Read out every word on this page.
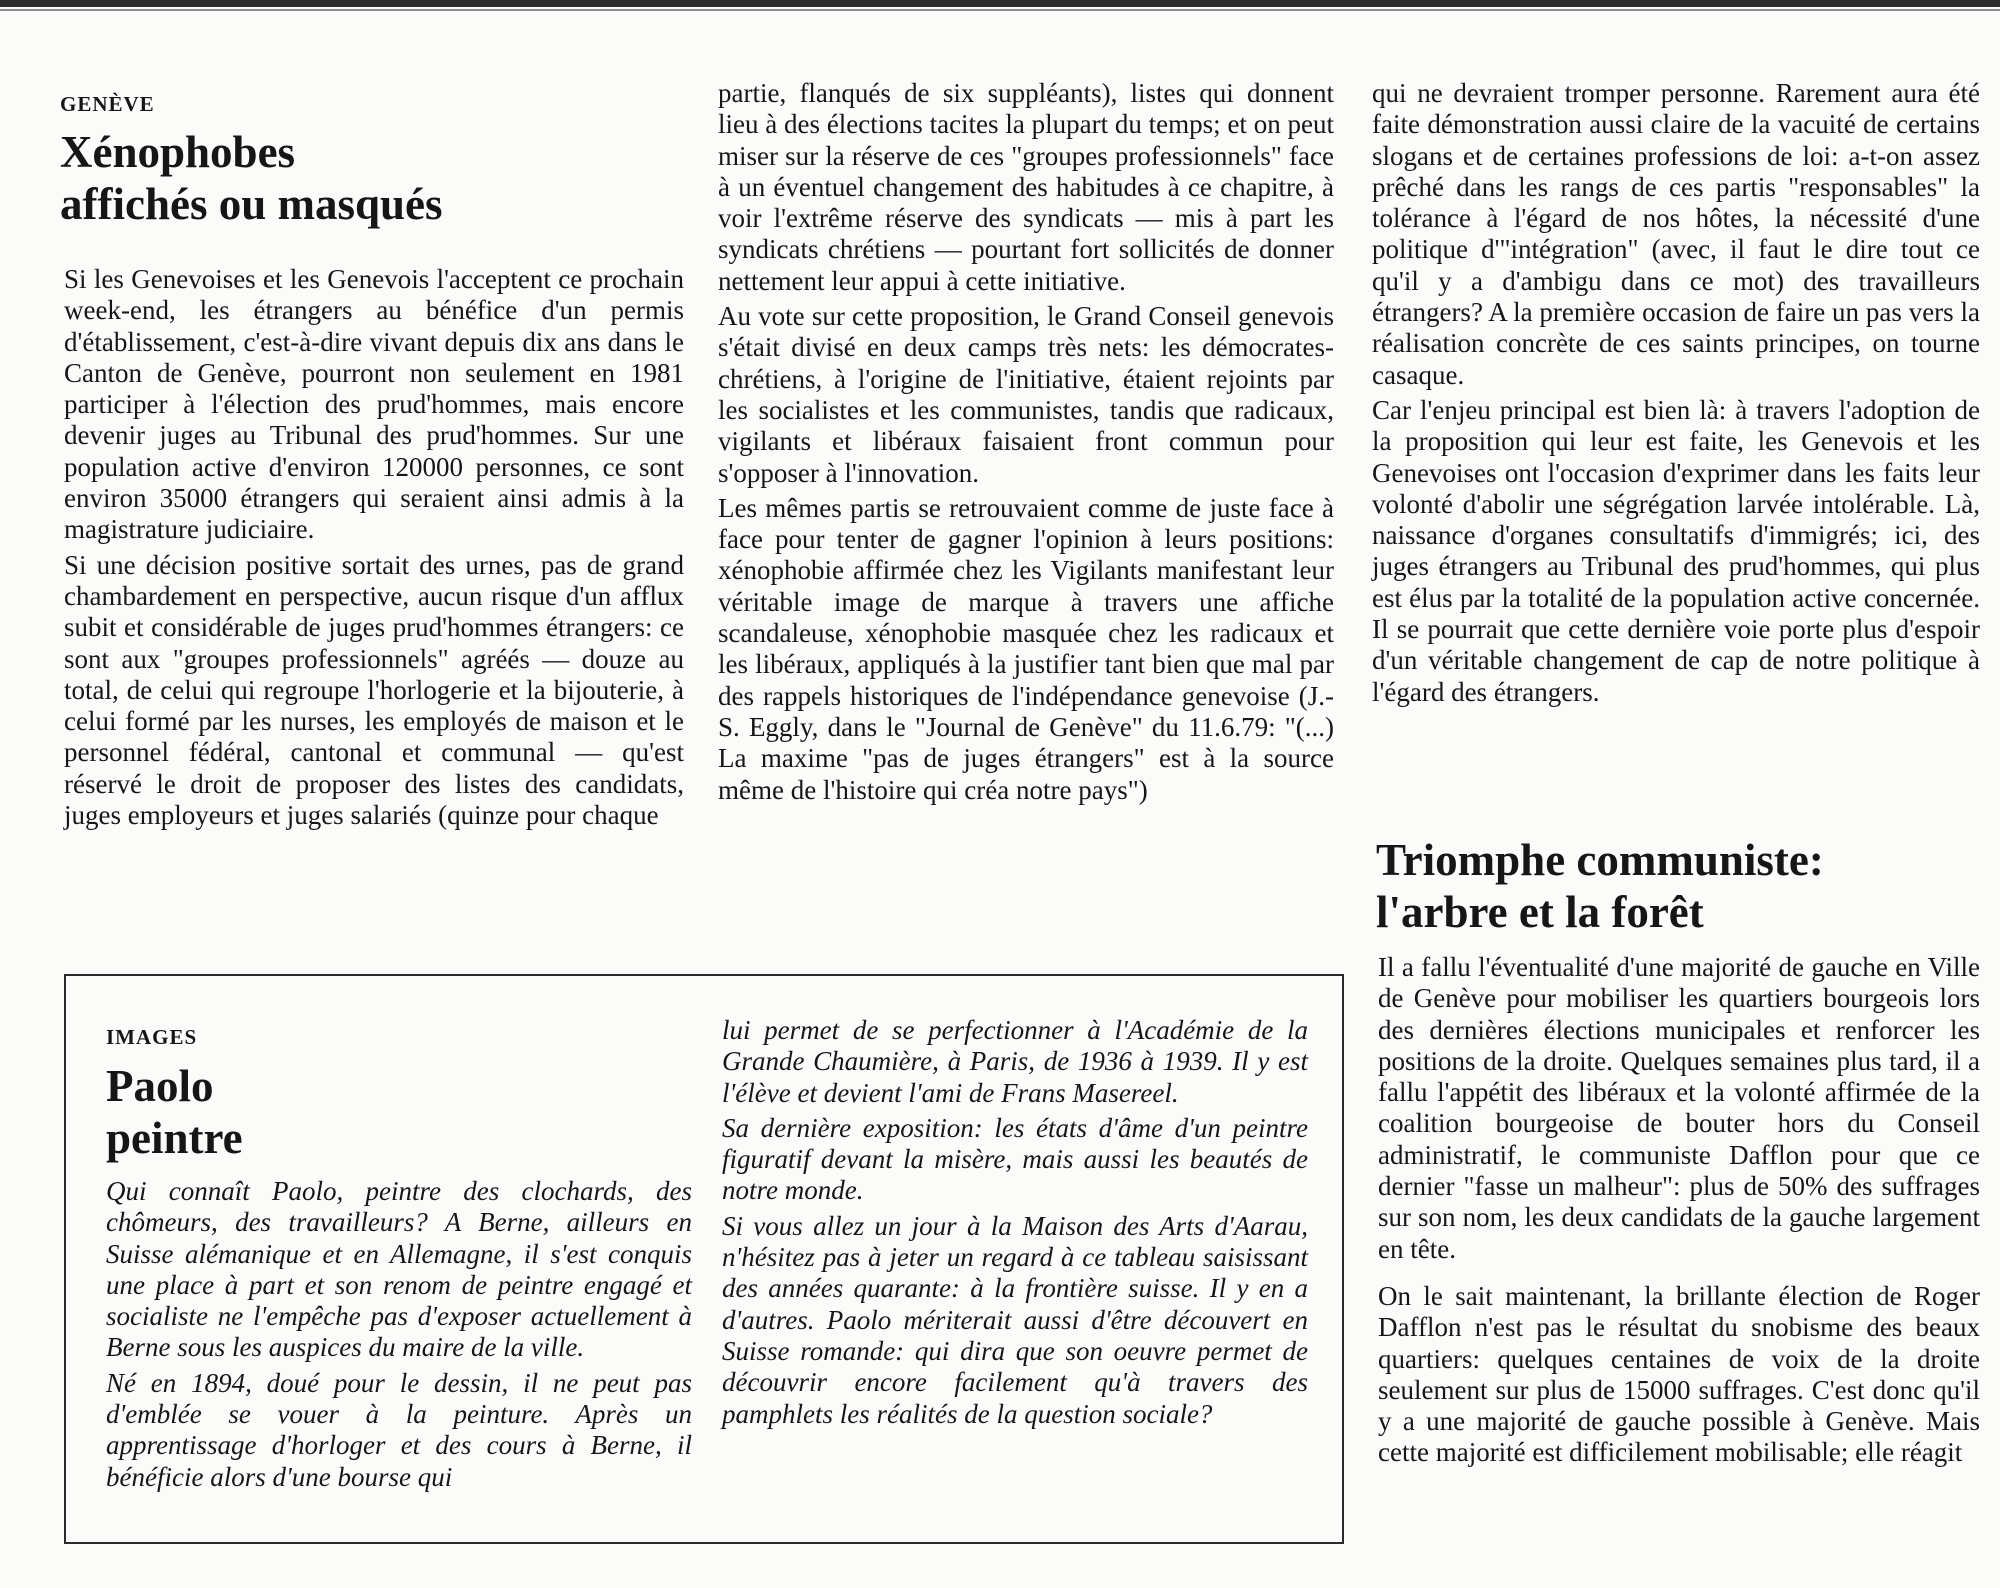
GENÈVE
Xénophobes
affichés ou masqués

Si les Genevoises et les Genevois l'acceptent ce prochain week-end, les étrangers au bénéfice d'un permis d'établissement, c'est-à-dire vivant depuis dix ans dans le Canton de Genève, pourront non seulement en 1981 participer à l'élection des prud'hommes, mais encore devenir juges au Tribunal des prud'hommes. Sur une population active d'environ 120000 personnes, ce sont environ 35000 étrangers qui seraient ainsi admis à la magistrature judiciaire.

Si une décision positive sortait des urnes, pas de grand chambardement en perspective, aucun risque d'un afflux subit et considérable de juges prud'hommes étrangers: ce sont aux "groupes professionnels" agréés — douze au total, de celui qui regroupe l'horlogerie et la bijouterie, à celui formé par les nurses, les employés de maison et le personnel fédéral, cantonal et communal — qu'est réservé le droit de proposer des listes des candidats, juges employeurs et juges salariés (quinze pour chaque

partie, flanqués de six suppléants), listes qui donnent lieu à des élections tacites la plupart du temps; et on peut miser sur la réserve de ces "groupes professionnels" face à un éventuel changement des habitudes à ce chapitre, à voir l'extrême réserve des syndicats — mis à part les syndicats chrétiens — pourtant fort sollicités de donner nettement leur appui à cette initiative.

Au vote sur cette proposition, le Grand Conseil genevois s'était divisé en deux camps très nets: les démocrates-chrétiens, à l'origine de l'initiative, étaient rejoints par les socialistes et les communistes, tandis que radicaux, vigilants et libéraux faisaient front commun pour s'opposer à l'innovation.

Les mêmes partis se retrouvaient comme de juste face à face pour tenter de gagner l'opinion à leurs positions: xénophobie affirmée chez les Vigilants manifestant leur véritable image de marque à travers une affiche scandaleuse, xénophobie masquée chez les radicaux et les libéraux, appliqués à la justifier tant bien que mal par des rappels historiques de l'indépendance genevoise (J.-S. Eggly, dans le "Journal de Genève" du 11.6.79: "(...) La maxime "pas de juges étrangers" est à la source même de l'histoire qui créa notre pays")

qui ne devraient tromper personne. Rarement aura été faite démonstration aussi claire de la vacuité de certains slogans et de certaines professions de loi: a-t-on assez prêché dans les rangs de ces partis "responsables" la tolérance à l'égard de nos hôtes, la nécessité d'une politique d'"intégration" (avec, il faut le dire tout ce qu'il y a d'ambigu dans ce mot) des travailleurs étrangers? A la première occasion de faire un pas vers la réalisation concrète de ces saints principes, on tourne casaque.

Car l'enjeu principal est bien là: à travers l'adoption de la proposition qui leur est faite, les Genevois et les Genevoises ont l'occasion d'exprimer dans les faits leur volonté d'abolir une ségrégation larvée intolérable. Là, naissance d'organes consultatifs d'immigrés; ici, des juges étrangers au Tribunal des prud'hommes, qui plus est élus par la totalité de la population active concernée. Il se pourrait que cette dernière voie porte plus d'espoir d'un véritable changement de cap de notre politique à l'égard des étrangers.

Triomphe communiste:
l'arbre et la forêt

Il a fallu l'éventualité d'une majorité de gauche en Ville de Genève pour mobiliser les quartiers bourgeois lors des dernières élections municipales et renforcer les positions de la droite. Quelques semaines plus tard, il a fallu l'appétit des libéraux et la volonté affirmée de la coalition bourgeoise de bouter hors du Conseil administratif, le communiste Dafflon pour que ce dernier "fasse un malheur": plus de 50% des suffrages sur son nom, les deux candidats de la gauche largement en tête.

On le sait maintenant, la brillante élection de Roger Dafflon n'est pas le résultat du snobisme des beaux quartiers: quelques centaines de voix de la droite seulement sur plus de 15000 suffrages. C'est donc qu'il y a une majorité de gauche possible à Genève. Mais cette majorité est difficilement mobilisable; elle réagit

IMAGES
Paolo
peintre

Qui connaît Paolo, peintre des clochards, des chômeurs, des travailleurs? A Berne, ailleurs en Suisse alémanique et en Allemagne, il s'est conquis une place à part et son renom de peintre engagé et socialiste ne l'empêche pas d'exposer actuellement à Berne sous les auspices du maire de la ville.

Né en 1894, doué pour le dessin, il ne peut pas d'emblée se vouer à la peinture. Après un apprentissage d'horloger et des cours à Berne, il bénéficie alors d'une bourse qui

lui permet de se perfectionner à l'Académie de la Grande Chaumière, à Paris, de 1936 à 1939. Il y est l'élève et devient l'ami de Frans Masereel.

Sa dernière exposition: les états d'âme d'un peintre figuratif devant la misère, mais aussi les beautés de notre monde.

Si vous allez un jour à la Maison des Arts d'Aarau, n'hésitez pas à jeter un regard à ce tableau saisissant des années quarante: à la frontière suisse. Il y en a d'autres. Paolo mériterait aussi d'être découvert en Suisse romande: qui dira que son oeuvre permet de découvrir encore facilement qu'à travers des pamphlets les réalités de la question sociale?
